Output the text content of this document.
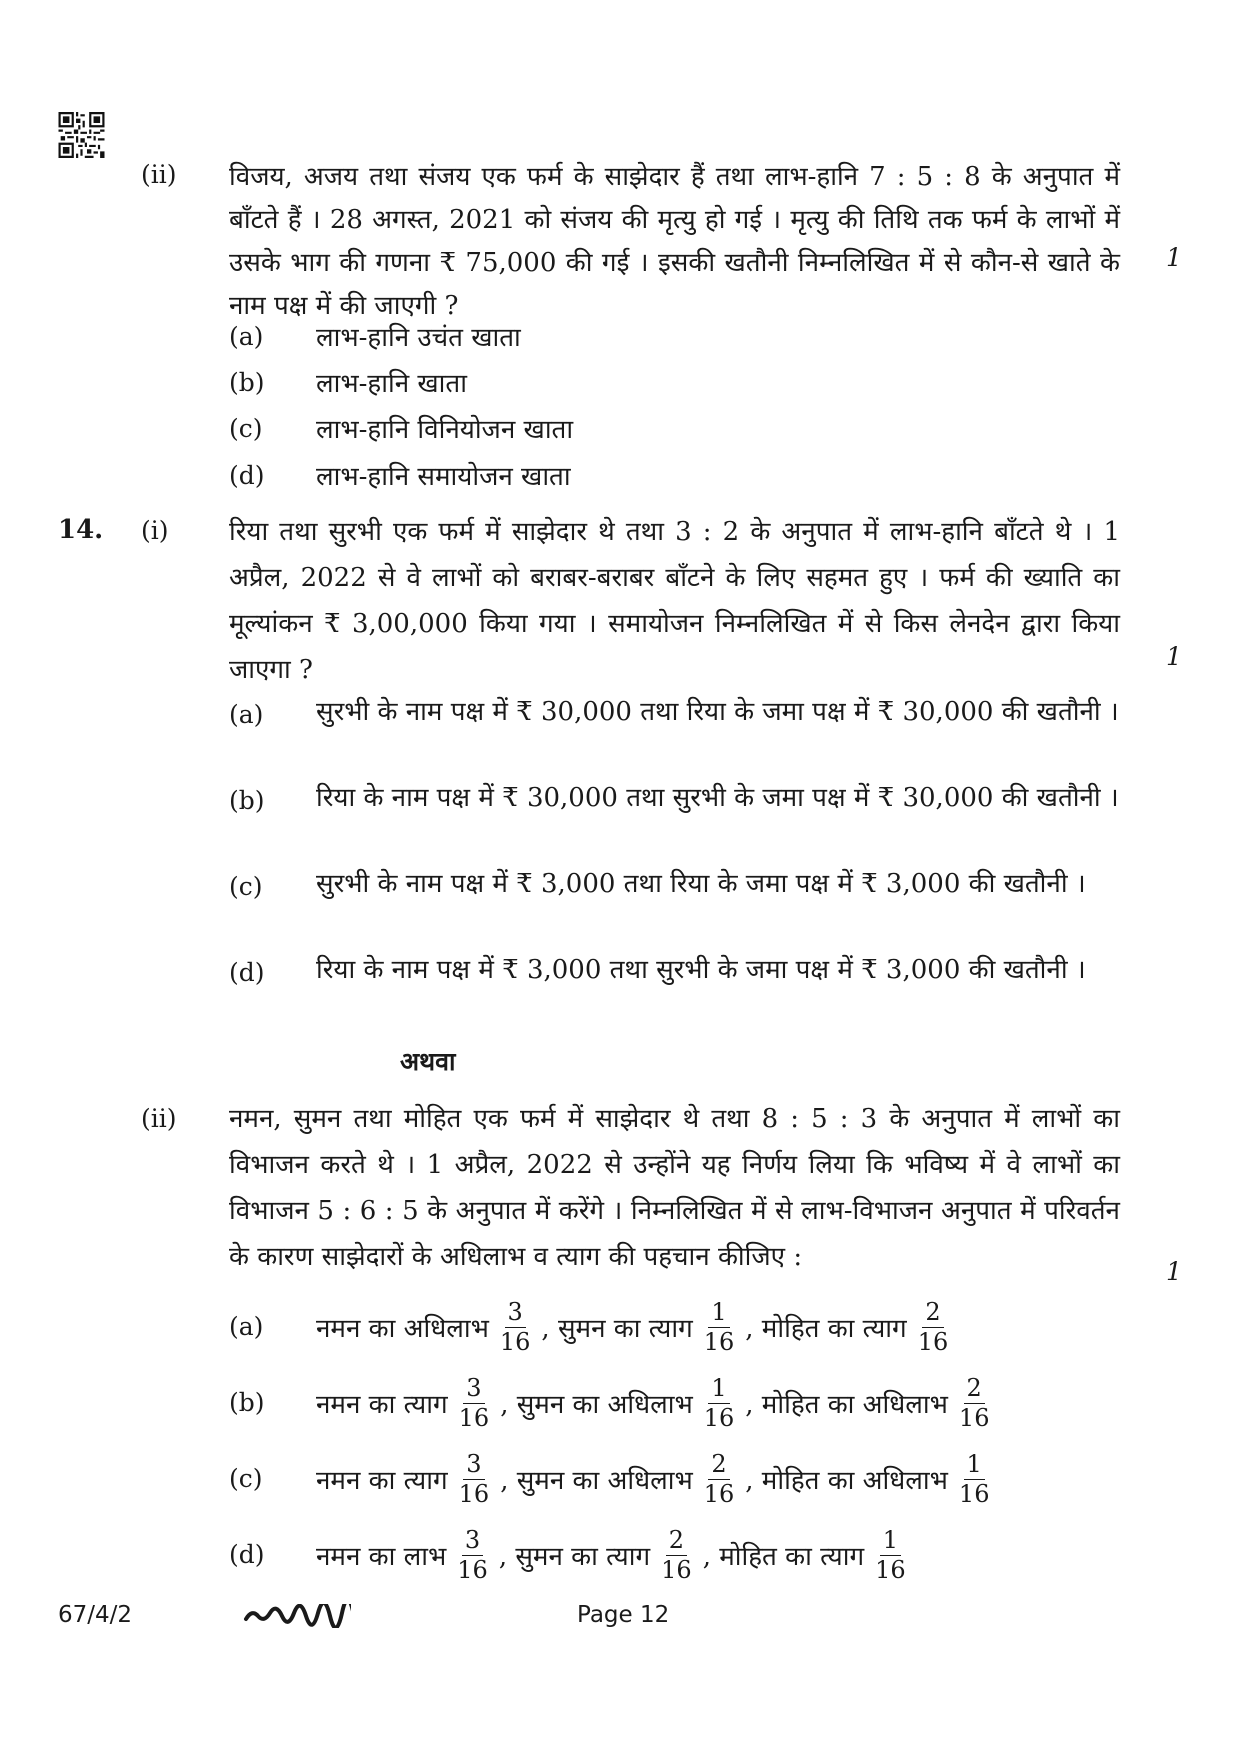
(ii) विजय, अजय तथा संजय एक फर्म के साझेदार हैं तथा लाभ-हानि 7 : 5 : 8 के अनुपात में बाँटते हैं । 28 अगस्त, 2021 को संजय की मृत्यु हो गई । मृत्यु की तिथि तक फर्म के लाभों में उसके भाग की गणना ₹ 75,000 की गई । इसकी खतौनी निम्नलिखित में से कौन-से खाते के नाम पक्ष में की जाएगी ?
1
(a) लाभ-हानि उचंत खाता
(b) लाभ-हानि खाता
(c) लाभ-हानि विनियोजन खाता
(d) लाभ-हानि समायोजन खाता
14. (i) रिया तथा सुरभी एक फर्म में साझेदार थे तथा 3 : 2 के अनुपात में लाभ-हानि बाँटते थे । 1 अप्रैल, 2022 से वे लाभों को बराबर-बराबर बाँटने के लिए सहमत हुए । फर्म की ख्याति का मूल्यांकन ₹ 3,00,000 किया गया । समायोजन निम्नलिखित में से किस लेनदेन द्वारा किया जाएगा ?	1
(a) सुरभी के नाम पक्ष में ₹ 30,000 तथा रिया के जमा पक्ष में ₹ 30,000 की खतौनी ।
(b) रिया के नाम पक्ष में ₹ 30,000 तथा सुरभी के जमा पक्ष में ₹ 30,000 की खतौनी ।
(c) सुरभी के नाम पक्ष में ₹ 3,000 तथा रिया के जमा पक्ष में ₹ 3,000 की खतौनी ।
(d) रिया के नाम पक्ष में ₹ 3,000 तथा सुरभी के जमा पक्ष में ₹ 3,000 की खतौनी ।
अथवा
(ii) नमन, सुमन तथा मोहित एक फर्म में साझेदार थे तथा 8 : 5 : 3 के अनुपात में लाभों का विभाजन करते थे । 1 अप्रैल, 2022 से उन्होंने यह निर्णय लिया कि भविष्य में वे लाभों का विभाजन 5 : 6 : 5 के अनुपात में करेंगे । निम्नलिखित में से लाभ-विभाजन अनुपात में परिवर्तन के कारण साझेदारों के अधिलाभ व त्याग की पहचान कीजिए :	1
(a) नमन का अधिलाभ $\frac{3}{16}$ , सुमन का त्याग $\frac{1}{16}$ , मोहित का त्याग $\frac{2}{16}$
(b) नमन का त्याग $\frac{3}{16}$ , सुमन का अधिलाभ $\frac{1}{16}$ , मोहित का अधिलाभ $\frac{2}{16}$
(c) नमन का त्याग $\frac{3}{16}$ , सुमन का अधिलाभ $\frac{2}{16}$ , मोहित का अधिलाभ $\frac{1}{16}$
(d) नमन का लाभ $\frac{3}{16}$ , सुमन का त्याग $\frac{2}{16}$ , मोहित का त्याग $\frac{1}{16}$
67/4/2	Page 12
